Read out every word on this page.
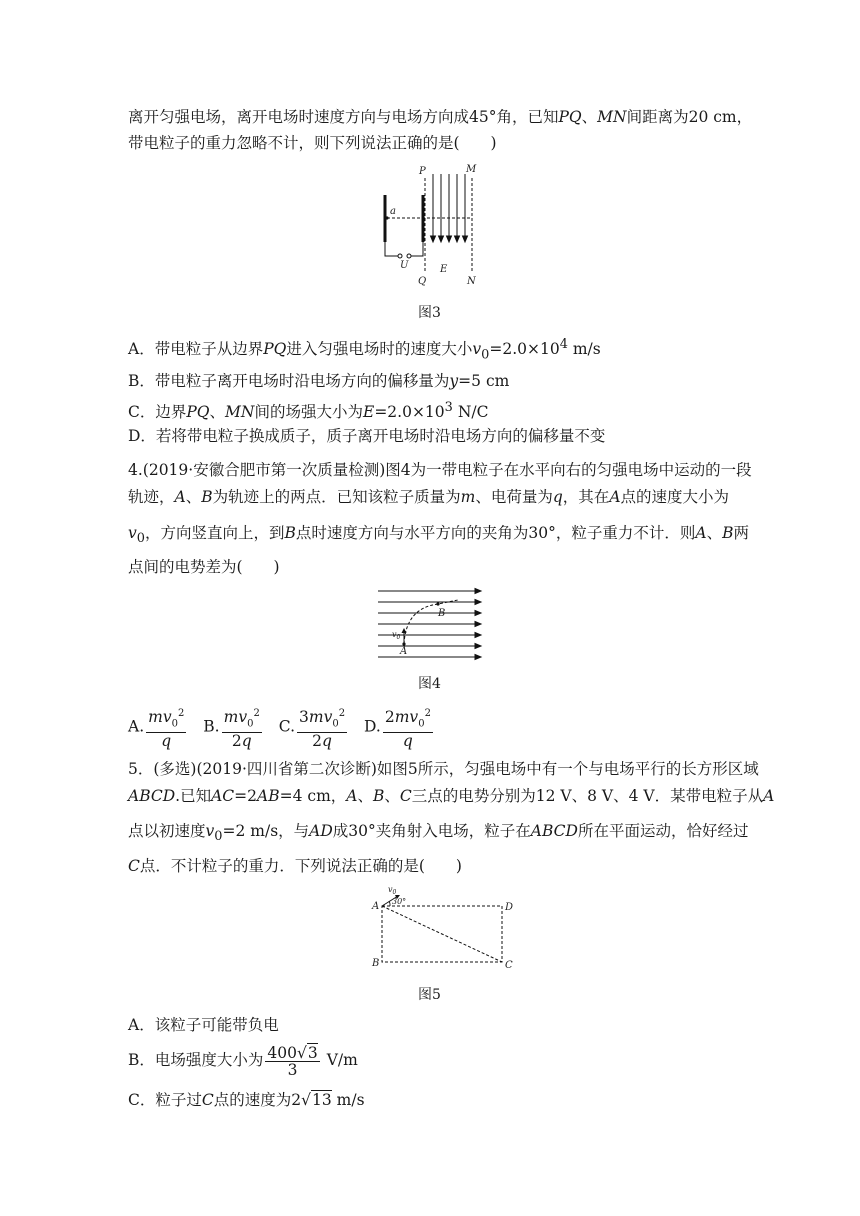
离开匀强电场，离开电场时速度方向与电场方向成45°角，已知PQ、MN间距离为20 cm，
带电粒子的重力忽略不计，则下列说法正确的是(　　)
P	M
a
U	E
Q	N
图3
A．带电粒子从边界PQ进入匀强电场时的速度大小$v_0=2.0\times 10^4$ m/s
B．带电粒子离开电场时沿电场方向的偏移量为y=5 cm
C．边界PQ、MN间的场强大小为$E=2.0\times 10^3$ N/C
D．若将带电粒子换成质子，质子离开电场时沿电场方向的偏移量不变
4.(2019·安徽合肥市第一次质量检测)图4为一带电粒子在水平向右的匀强电场中运动的一段
轨迹，A、B为轨迹上的两点．已知该粒子质量为m、电荷量为q，其在A点的速度大小为
$v_0$，方向竖直向上，到B点时速度方向与水平方向的夹角为30°，粒子重力不计．则A、B两
点间的电势差为(　　)
B
A
$v_0$
图4
A. $\frac{mv_0^2}{q} B$. $\frac{mv_0^2}{2q} C$. $\frac{3mv_0^2}{2q} D$. $\frac{2mv_0^2}{q}$
5．(多选)(2019·四川省第二次诊断)如图5所示，匀强电场中有一个与电场平行的长方形区域
ABCD.已知AC=2AB=4 cm，A、B、C三点的电势分别为12 V、8 V、4 V．某带电粒子从A
点以初速度$v_0=2$ m/s，与AD成30°夹角射入电场，粒子在ABCD所在平面运动，恰好经过
C点．不计粒子的重力．下列说法正确的是(　　)
$v_0$
30°
A	D
B	C
图5
A．该粒子可能带负电
B．电场强度大小为 $\frac{400√3}{3} V/m$
C．粒子过C点的速度为2√13 m/s
